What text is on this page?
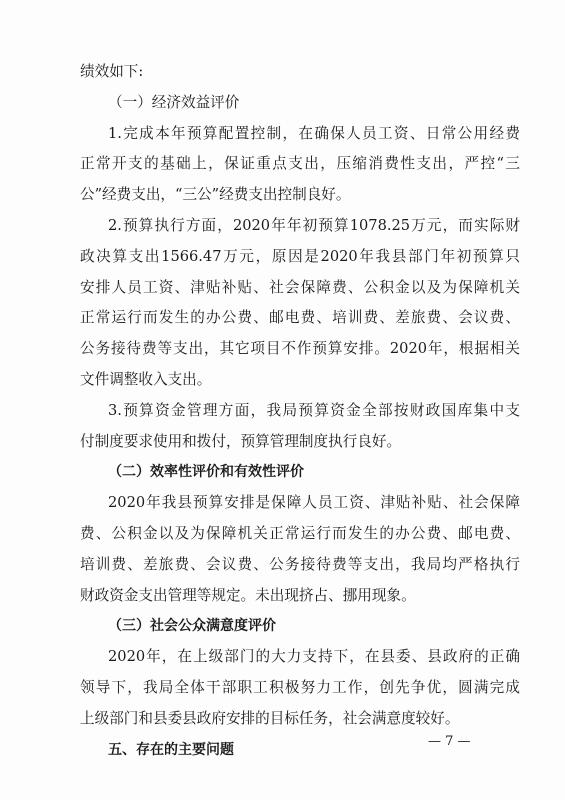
绩效如下:
（一）经济效益评价
1.完成本年预算配置控制，在确保人员工资、日常公用经费
正常开支的基础上，保证重点支出，压缩消费性支出，严控“三
公”经费支出，“三公”经费支出控制良好。
2.预算执行方面，2020年年初预算1078.25万元，而实际财
政决算支出1566.47万元，原因是2020年我县部门年初预算只
安排人员工资、津贴补贴、社会保障费、公积金以及为保障机关
正常运行而发生的办公费、邮电费、培训费、差旅费、会议费、
公务接待费等支出，其它项目不作预算安排。2020年，根据相关
文件调整收入支出。
3.预算资金管理方面，我局预算资金全部按财政国库集中支
付制度要求使用和拨付，预算管理制度执行良好。
（二）效率性评价和有效性评价
2020年我县预算安排是保障人员工资、津贴补贴、社会保障
费、公积金以及为保障机关正常运行而发生的办公费、邮电费、
培训费、差旅费、会议费、公务接待费等支出，我局均严格执行
财政资金支出管理等规定。未出现挤占、挪用现象。
（三）社会公众满意度评价
2020年，在上级部门的大力支持下，在县委、县政府的正确
领导下，我局全体干部职工积极努力工作，创先争优，圆满完成
上级部门和县委县政府安排的目标任务，社会满意度较好。
五、存在的主要问题
— 7 —
